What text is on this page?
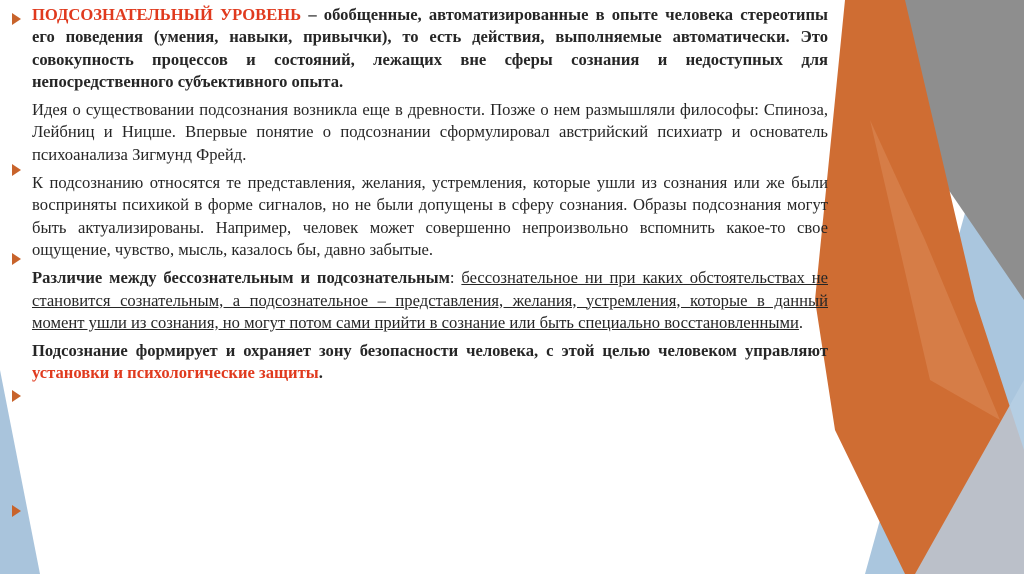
ПОДСОЗНАТЕЛЬНЫЙ УРОВЕНЬ – обобщенные, автоматизированные в опыте человека стереотипы его поведения (умения, навыки, привычки), то есть действия, выполняемые автоматически. Это совокупность процессов и состояний, лежащих вне сферы сознания и недоступных для непосредственного субъективного опыта.

Идея о существовании подсознания возникла еще в древности. Позже о нем размышляли философы: Спиноза, Лейбниц и Ницше. Впервые понятие о подсознании сформулировал австрийский психиатр и основатель психоанализа Зигмунд Фрейд.

К подсознанию относятся те представления, желания, устремления, которые ушли из сознания или же были восприняты психикой в форме сигналов, но не были допущены в сферу сознания. Образы подсознания могут быть актуализированы. Например, человек может совершенно непроизвольно вспомнить какое-то свое ощущение, чувство, мысль, казалось бы, давно забытые.

Различие между бессознательным и подсознательным: бессознательное ни при каких обстоятельствах не становится сознательным, а подсознательное – представления, желания, устремления, которые в данный момент ушли из сознания, но могут потом сами прийти в сознание или быть специально восстановленными.

Подсознание формирует и охраняет зону безопасности человека, с этой целью человеком управляют установки и психологические защиты.
